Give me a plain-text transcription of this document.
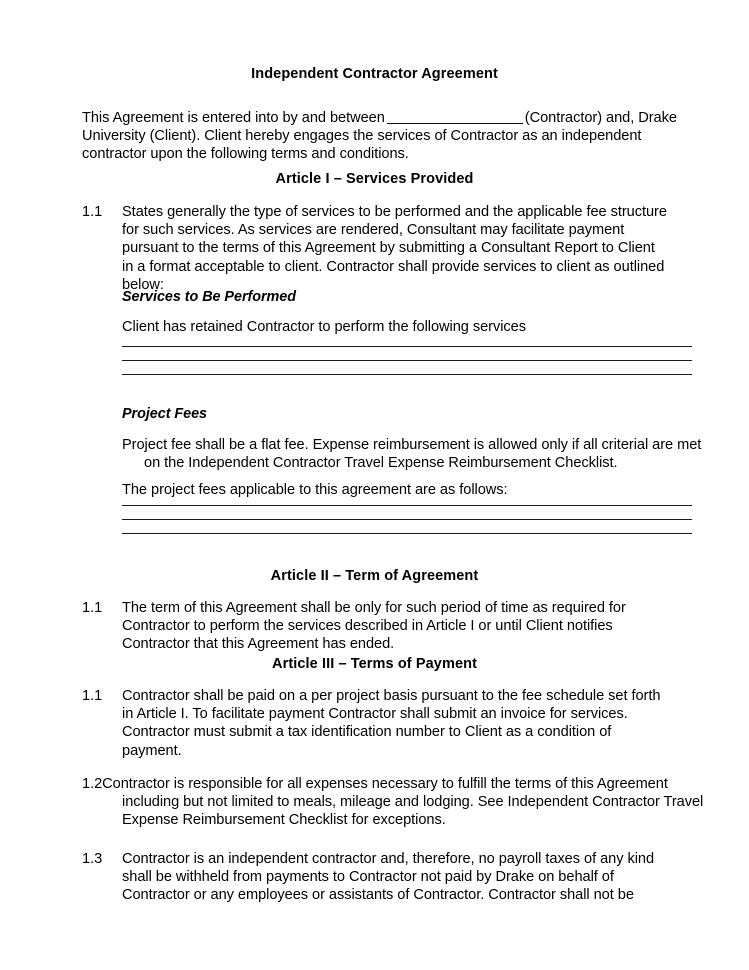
Independent Contractor Agreement
This Agreement is entered into by and between	(Contractor) and, Drake University (Client). Client hereby engages the services of Contractor as an independent contractor upon the following terms and conditions.
Article I – Services Provided
1.1 States generally the type of services to be performed and the applicable fee structure for such services. As services are rendered, Consultant may facilitate payment pursuant to the terms of this Agreement by submitting a Consultant Report to Client in a format acceptable to client. Contractor shall provide services to client as outlined below:
Services to Be Performed
Client has retained Contractor to perform the following services
Project Fees
Project fee shall be a flat fee. Expense reimbursement is allowed only if all criterial are met on the Independent Contractor Travel Expense Reimbursement Checklist.
The project fees applicable to this agreement are as follows:
Article II – Term of Agreement
1.1 The term of this Agreement shall be only for such period of time as required for Contractor to perform the services described in Article I or until Client notifies Contractor that this Agreement has ended.
Article III – Terms of Payment
1.1 Contractor shall be paid on a per project basis pursuant to the fee schedule set forth in Article I. To facilitate payment Contractor shall submit an invoice for services. Contractor must submit a tax identification number to Client as a condition of payment.
1.2Contractor is responsible for all expenses necessary to fulfill the terms of this Agreement including but not limited to meals, mileage and lodging. See Independent Contractor Travel Expense Reimbursement Checklist for exceptions.
1.3 Contractor is an independent contractor and, therefore, no payroll taxes of any kind shall be withheld from payments to Contractor not paid by Drake on behalf of Contractor or any employees or assistants of Contractor. Contractor shall not be
